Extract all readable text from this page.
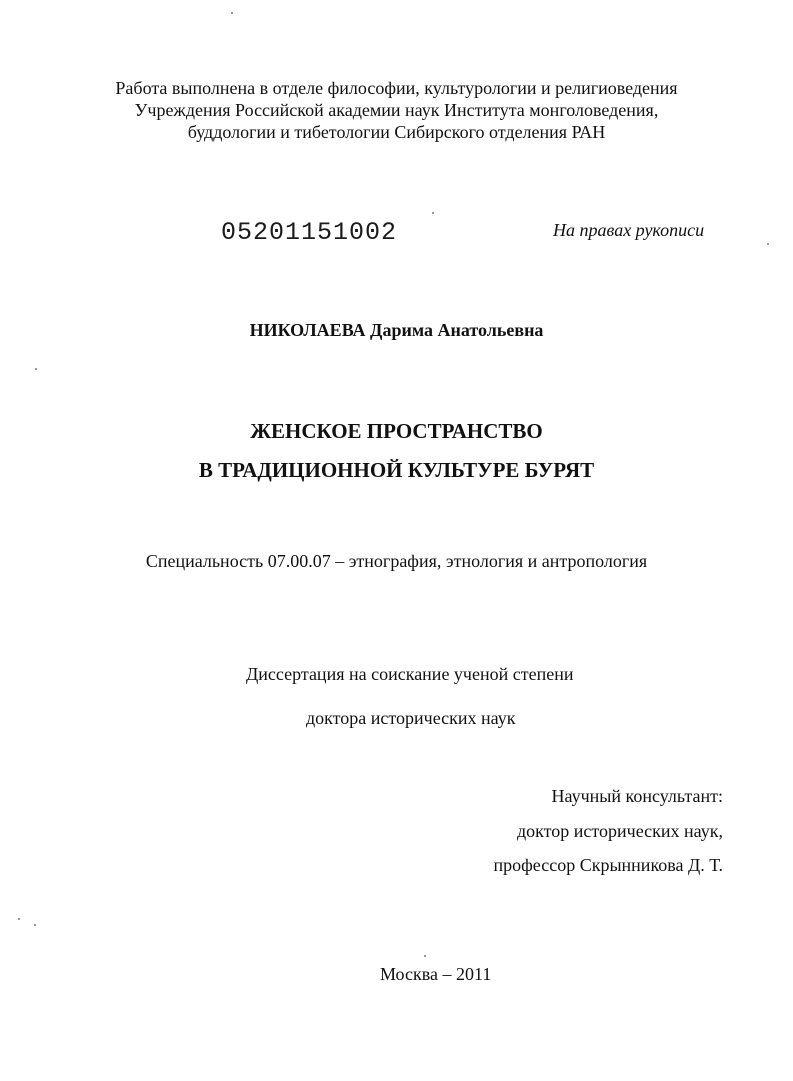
Работа выполнена в отделе философии, культурологии и религиоведения
Учреждения Российской академии наук Института монголоведения,
буддологии и тибетологии Сибирского отделения РАН
05201151002	На правах рукописи
НИКОЛАЕВА Дарима Анатольевна
ЖЕНСКОЕ ПРОСТРАНСТВО
В ТРАДИЦИОННОЙ КУЛЬТУРЕ БУРЯТ
Специальность 07.00.07 – этнография, этнология и антропология
Диссертация на соискание ученой степени
доктора исторических наук
Научный консультант:
доктор исторических наук,
профессор Скрынникова Д. Т.
Москва – 2011
